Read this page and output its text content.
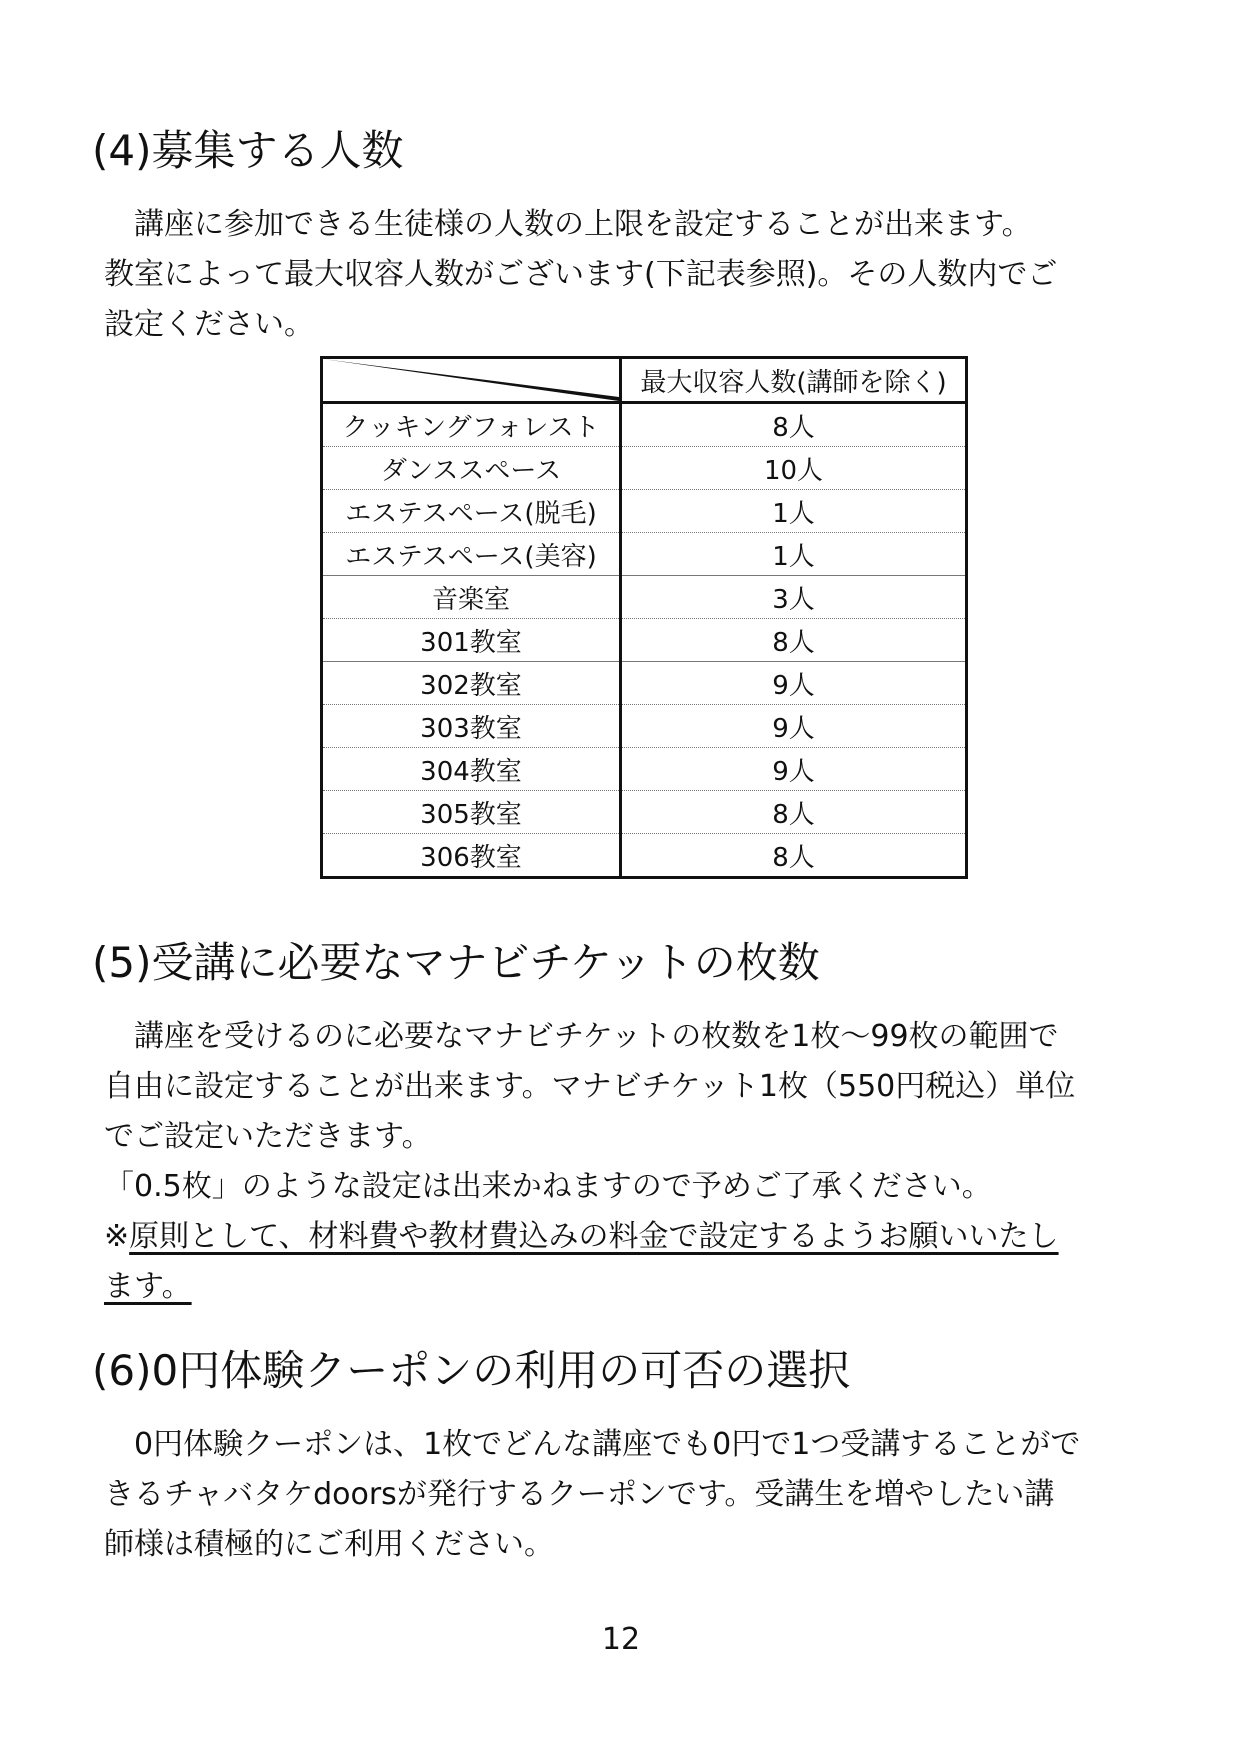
(4)募集する人数

講座に参加できる生徒様の人数の上限を設定することが出来ます。

教室によって最大収容人数がございます(下記表参照)。その人数内でご

設定ください。

	最大収容人数(講師を除く)
クッキングフォレスト	8人
ダンススペース	10人
エステスペース(脱毛)	1人
エステスペース(美容)	1人
音楽室	3人
301教室	8人
302教室	9人
303教室	9人
304教室	9人
305教室	8人
306教室	8人
(5)受講に必要なマナビチケットの枚数

講座を受けるのに必要なマナビチケットの枚数を1枚～99枚の範囲で

自由に設定することが出来ます。マナビチケット1枚（550円税込）単位

でご設定いただきます。

「0.5枚」のような設定は出来かねますので予めご了承ください。

※原則として、材料費や教材費込みの料金で設定するようお願いいたし

ます。

(6)0円体験クーポンの利用の可否の選択

0円体験クーポンは、1枚でどんな講座でも0円で1つ受講することがで

きるチャバタケdoorsが発行するクーポンです。受講生を増やしたい講

師様は積極的にご利用ください。

12
